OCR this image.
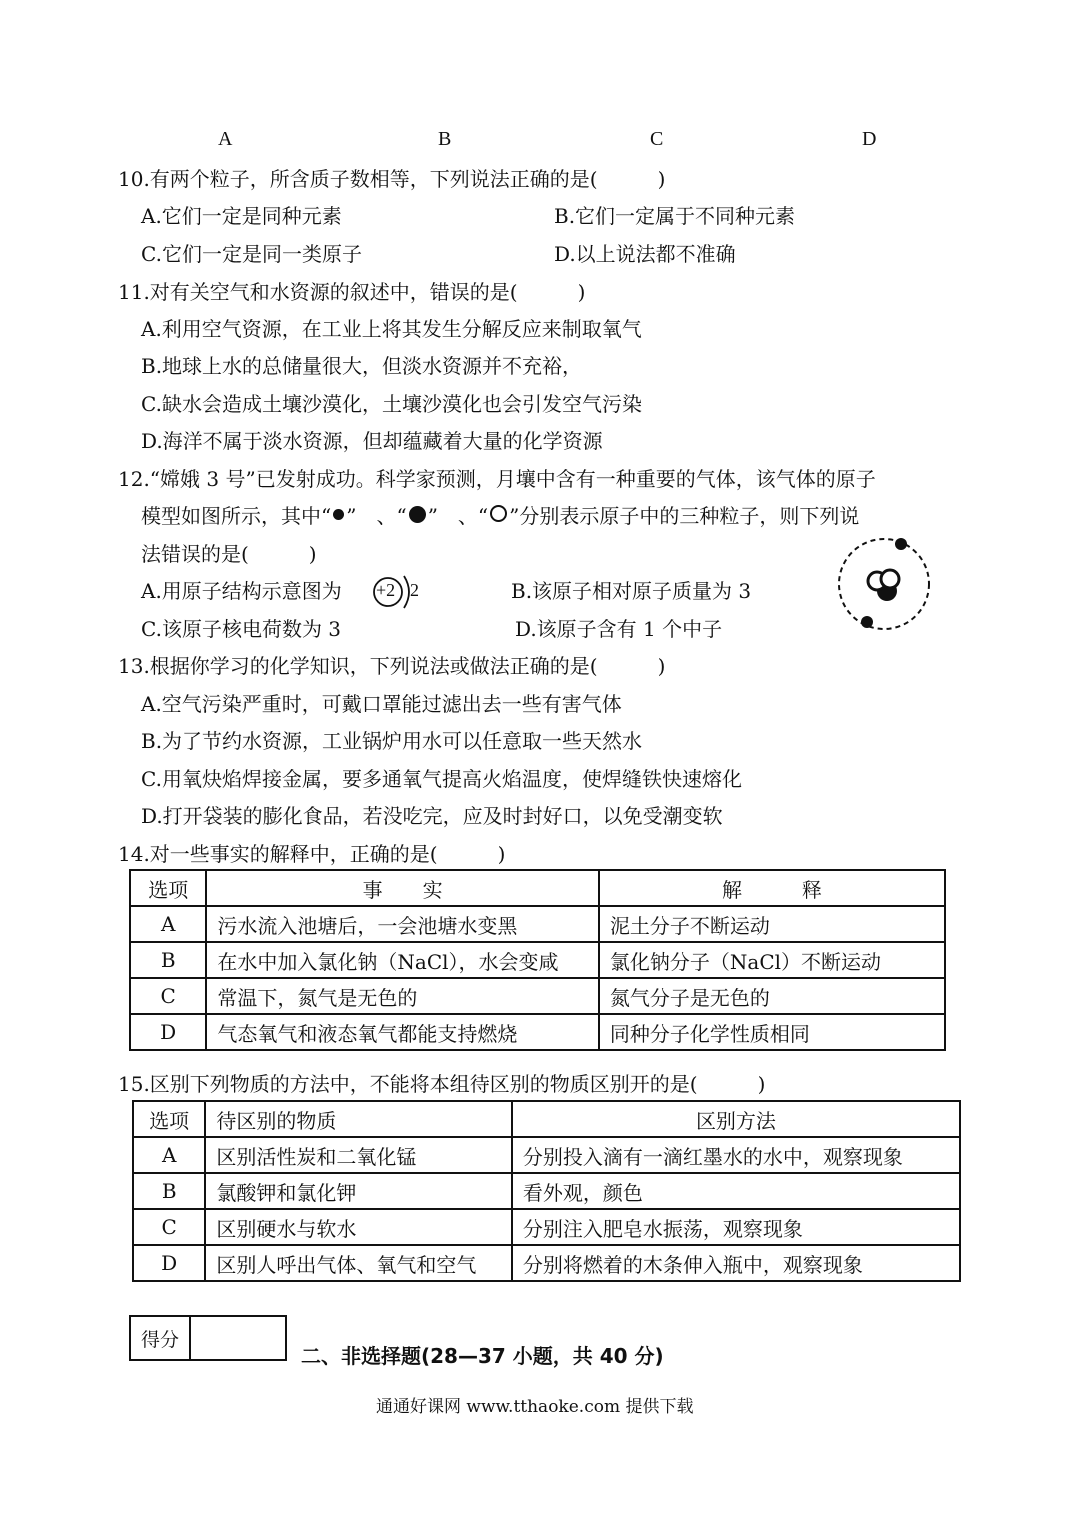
A	B	C	D
10.有两个粒子，所含质子数相等，下列说法正确的是(　　　)
A.它们一定是同种元素	B.它们一定属于不同种元素
C.它们一定是同一类原子	D.以上说法都不准确
11.对有关空气和水资源的叙述中，错误的是(　　　)
A.利用空气资源，在工业上将其发生分解反应来制取氧气
B.地球上水的总储量很大，但淡水资源并不充裕，
C.缺水会造成土壤沙漠化，土壤沙漠化也会引发空气污染
D.海洋不属于淡水资源，但却蕴藏着大量的化学资源
12.“嫦娥 3 号”已发射成功。科学家预测，月壤中含有一种重要的气体，该气体的原子
模型如图所示，其中“ ”　、“ ”　、“ ”分别表示原子中的三种粒子，则下列说
法错误的是(　　　)
A.用原子结构示意图为 +2 2	B.该原子相对原子质量为 3
C.该原子核电荷数为 3	D.该原子含有 1 个中子
13.根据你学习的化学知识，下列说法或做法正确的是(　　　)
A.空气污染严重时，可戴口罩能过滤出去一些有害气体
B.为了节约水资源，工业锅炉用水可以任意取一些天然水
C.用氧炔焰焊接金属，要多通氧气提高火焰温度，使焊缝铁快速熔化
D.打开袋装的膨化食品，若没吃完，应及时封好口，以免受潮变软
14.对一些事实的解释中，正确的是(　　　)
选项	事　　实	解　　　释
A	污水流入池塘后，一会池塘水变黑	泥土分子不断运动
B	在水中加入氯化钠（NaCl），水会变咸	氯化钠分子（NaCl）不断运动
C	常温下，氮气是无色的	氮气分子是无色的
D	气态氧气和液态氧气都能支持燃烧	同种分子化学性质相同
15.区别下列物质的方法中，不能将本组待区别的物质区别开的是(　　　)
选项	待区别的物质	区别方法
A	区别活性炭和二氧化锰	分别投入滴有一滴红墨水的水中，观察现象
B	氯酸钾和氯化钾	看外观，颜色
C	区别硬水与软水	分别注入肥皂水振荡，观察现象
D	区别人呼出气体、氧气和空气	分别将燃着的木条伸入瓶中，观察现象
得分
二、非选择题(28—37 小题，共 40 分)
通通好课网 www.tthaoke.com 提供下载
